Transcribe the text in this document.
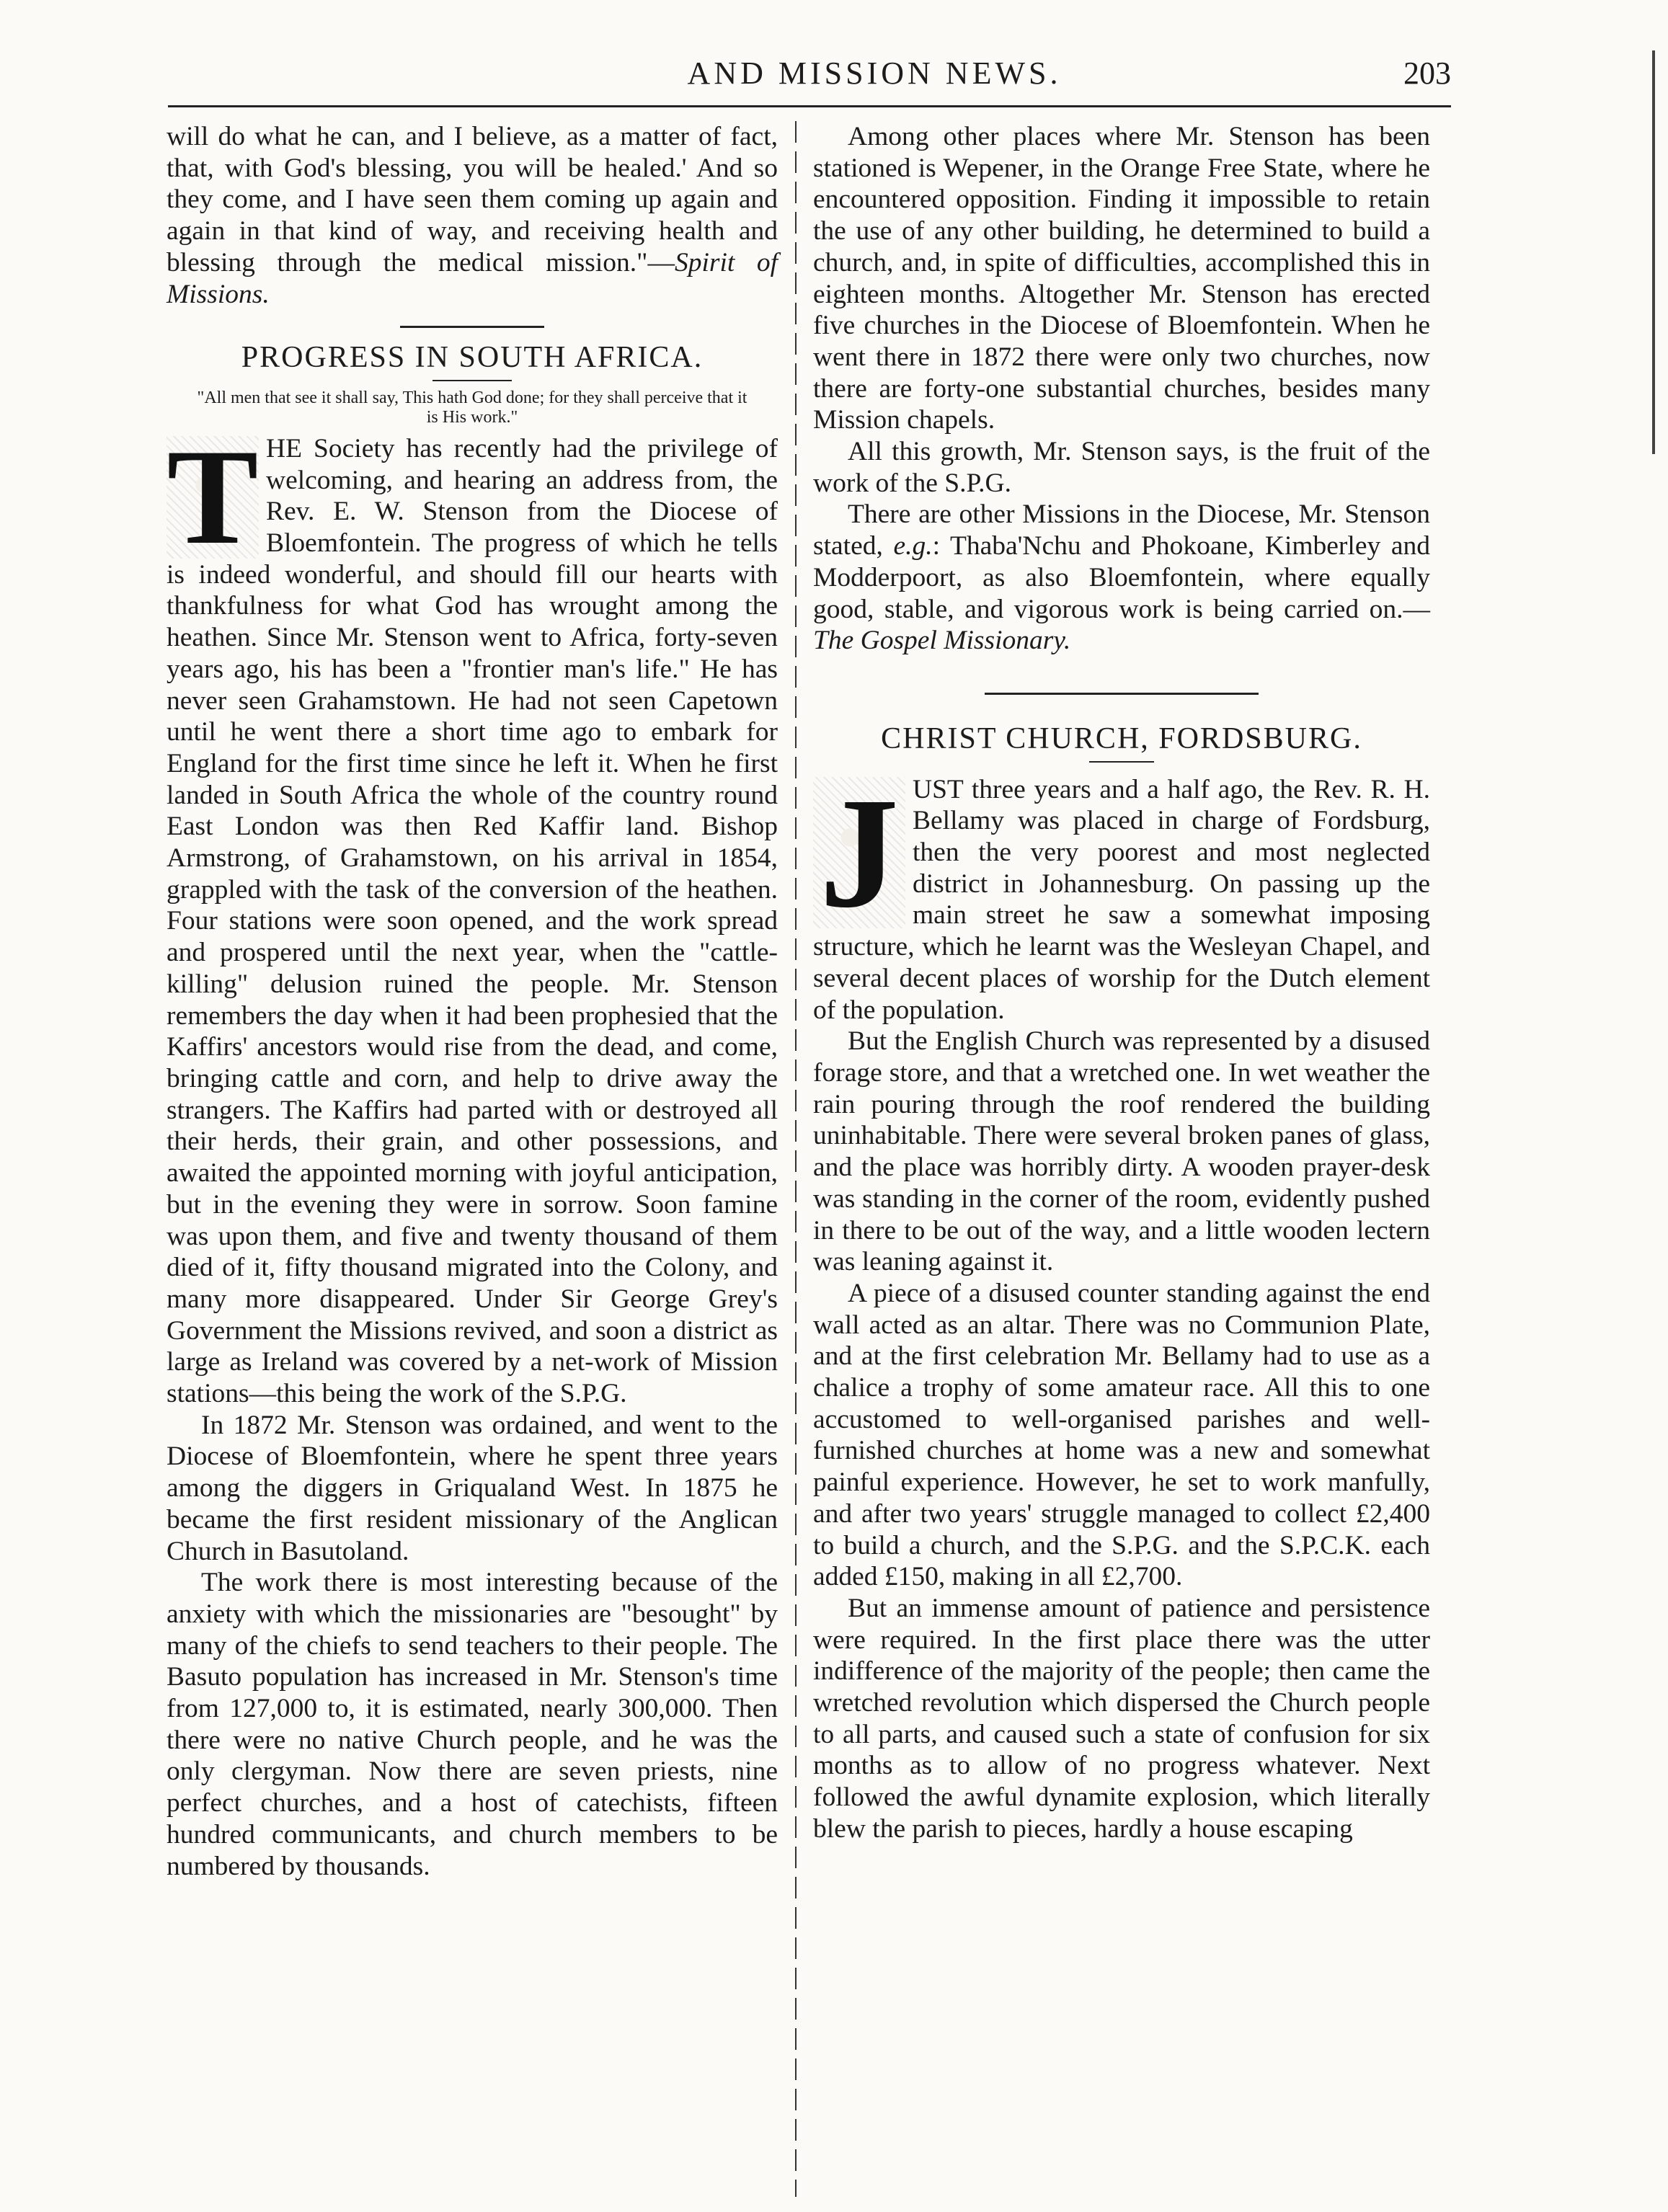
AND MISSION NEWS.	203

will do what he can, and I believe, as a matter of fact, that, with God's blessing, you will be healed.' And so they come, and I have seen them coming up again and again in that kind of way, and receiving health and blessing through the medical mission."—Spirit of Missions.

PROGRESS IN SOUTH AFRICA.
"All men that see it shall say, This hath God done; for they shall perceive that it is His work."
T HE Society has recently had the privilege of welcoming, and hearing an address from, the Rev. E. W. Stenson from the Diocese of Bloemfontein. The progress of which he tells is indeed wonderful, and should fill our hearts with thankfulness for what God has wrought among the heathen. Since Mr. Stenson went to Africa, forty-seven years ago, his has been a "frontier man's life." He has never seen Grahamstown. He had not seen Capetown until he went there a short time ago to embark for England for the first time since he left it. When he first landed in South Africa the whole of the country round East London was then Red Kaffir land. Bishop Armstrong, of Grahamstown, on his arrival in 1854, grappled with the task of the conversion of the heathen. Four stations were soon opened, and the work spread and prospered until the next year, when the "cattle-killing" delusion ruined the people. Mr. Stenson remembers the day when it had been prophesied that the Kaffirs' ancestors would rise from the dead, and come, bringing cattle and corn, and help to drive away the strangers. The Kaffirs had parted with or destroyed all their herds, their grain, and other possessions, and awaited the appointed morning with joyful anticipation, but in the evening they were in sorrow. Soon famine was upon them, and five and twenty thousand of them died of it, fifty thousand migrated into the Colony, and many more disappeared. Under Sir George Grey's Government the Missions revived, and soon a district as large as Ireland was covered by a net-work of Mission stations—this being the work of the S.P.G.

In 1872 Mr. Stenson was ordained, and went to the Diocese of Bloemfontein, where he spent three years among the diggers in Griqualand West. In 1875 he became the first resident missionary of the Anglican Church in Basutoland.

The work there is most interesting because of the anxiety with which the missionaries are "besought" by many of the chiefs to send teachers to their people. The Basuto population has increased in Mr. Stenson's time from 127,000 to, it is estimated, nearly 300,000. Then there were no native Church people, and he was the only clergyman. Now there are seven priests, nine perfect churches, and a host of catechists, fifteen hundred communicants, and church members to be numbered by thousands.

Among other places where Mr. Stenson has been stationed is Wepener, in the Orange Free State, where he encountered opposition. Finding it impossible to retain the use of any other building, he determined to build a church, and, in spite of difficulties, accomplished this in eighteen months. Altogether Mr. Stenson has erected five churches in the Diocese of Bloemfontein. When he went there in 1872 there were only two churches, now there are forty-one substantial churches, besides many Mission chapels.

All this growth, Mr. Stenson says, is the fruit of the work of the S.P.G.

There are other Missions in the Diocese, Mr. Stenson stated, e.g.: Thaba'Nchu and Phokoane, Kimberley and Modderpoort, as also Bloemfontein, where equally good, stable, and vigorous work is being carried on.—The Gospel Missionary.

CHRIST CHURCH, FORDSBURG.
J UST three years and a half ago, the Rev. R. H. Bellamy was placed in charge of Fordsburg, then the very poorest and most neglected district in Johannesburg. On passing up the main street he saw a somewhat imposing structure, which he learnt was the Wesleyan Chapel, and several decent places of worship for the Dutch element of the population.

But the English Church was represented by a disused forage store, and that a wretched one. In wet weather the rain pouring through the roof rendered the building uninhabitable. There were several broken panes of glass, and the place was horribly dirty. A wooden prayer-desk was standing in the corner of the room, evidently pushed in there to be out of the way, and a little wooden lectern was leaning against it.

A piece of a disused counter standing against the end wall acted as an altar. There was no Communion Plate, and at the first celebration Mr. Bellamy had to use as a chalice a trophy of some amateur race. All this to one accustomed to well-organised parishes and well-furnished churches at home was a new and somewhat painful experience. However, he set to work manfully, and after two years' struggle managed to collect £2,400 to build a church, and the S.P.G. and the S.P.C.K. each added £150, making in all £2,700.

But an immense amount of patience and persistence were required. In the first place there was the utter indifference of the majority of the people; then came the wretched revolution which dispersed the Church people to all parts, and caused such a state of confusion for six months as to allow of no progress whatever. Next followed the awful dynamite explosion, which literally blew the parish to pieces, hardly a house escaping
